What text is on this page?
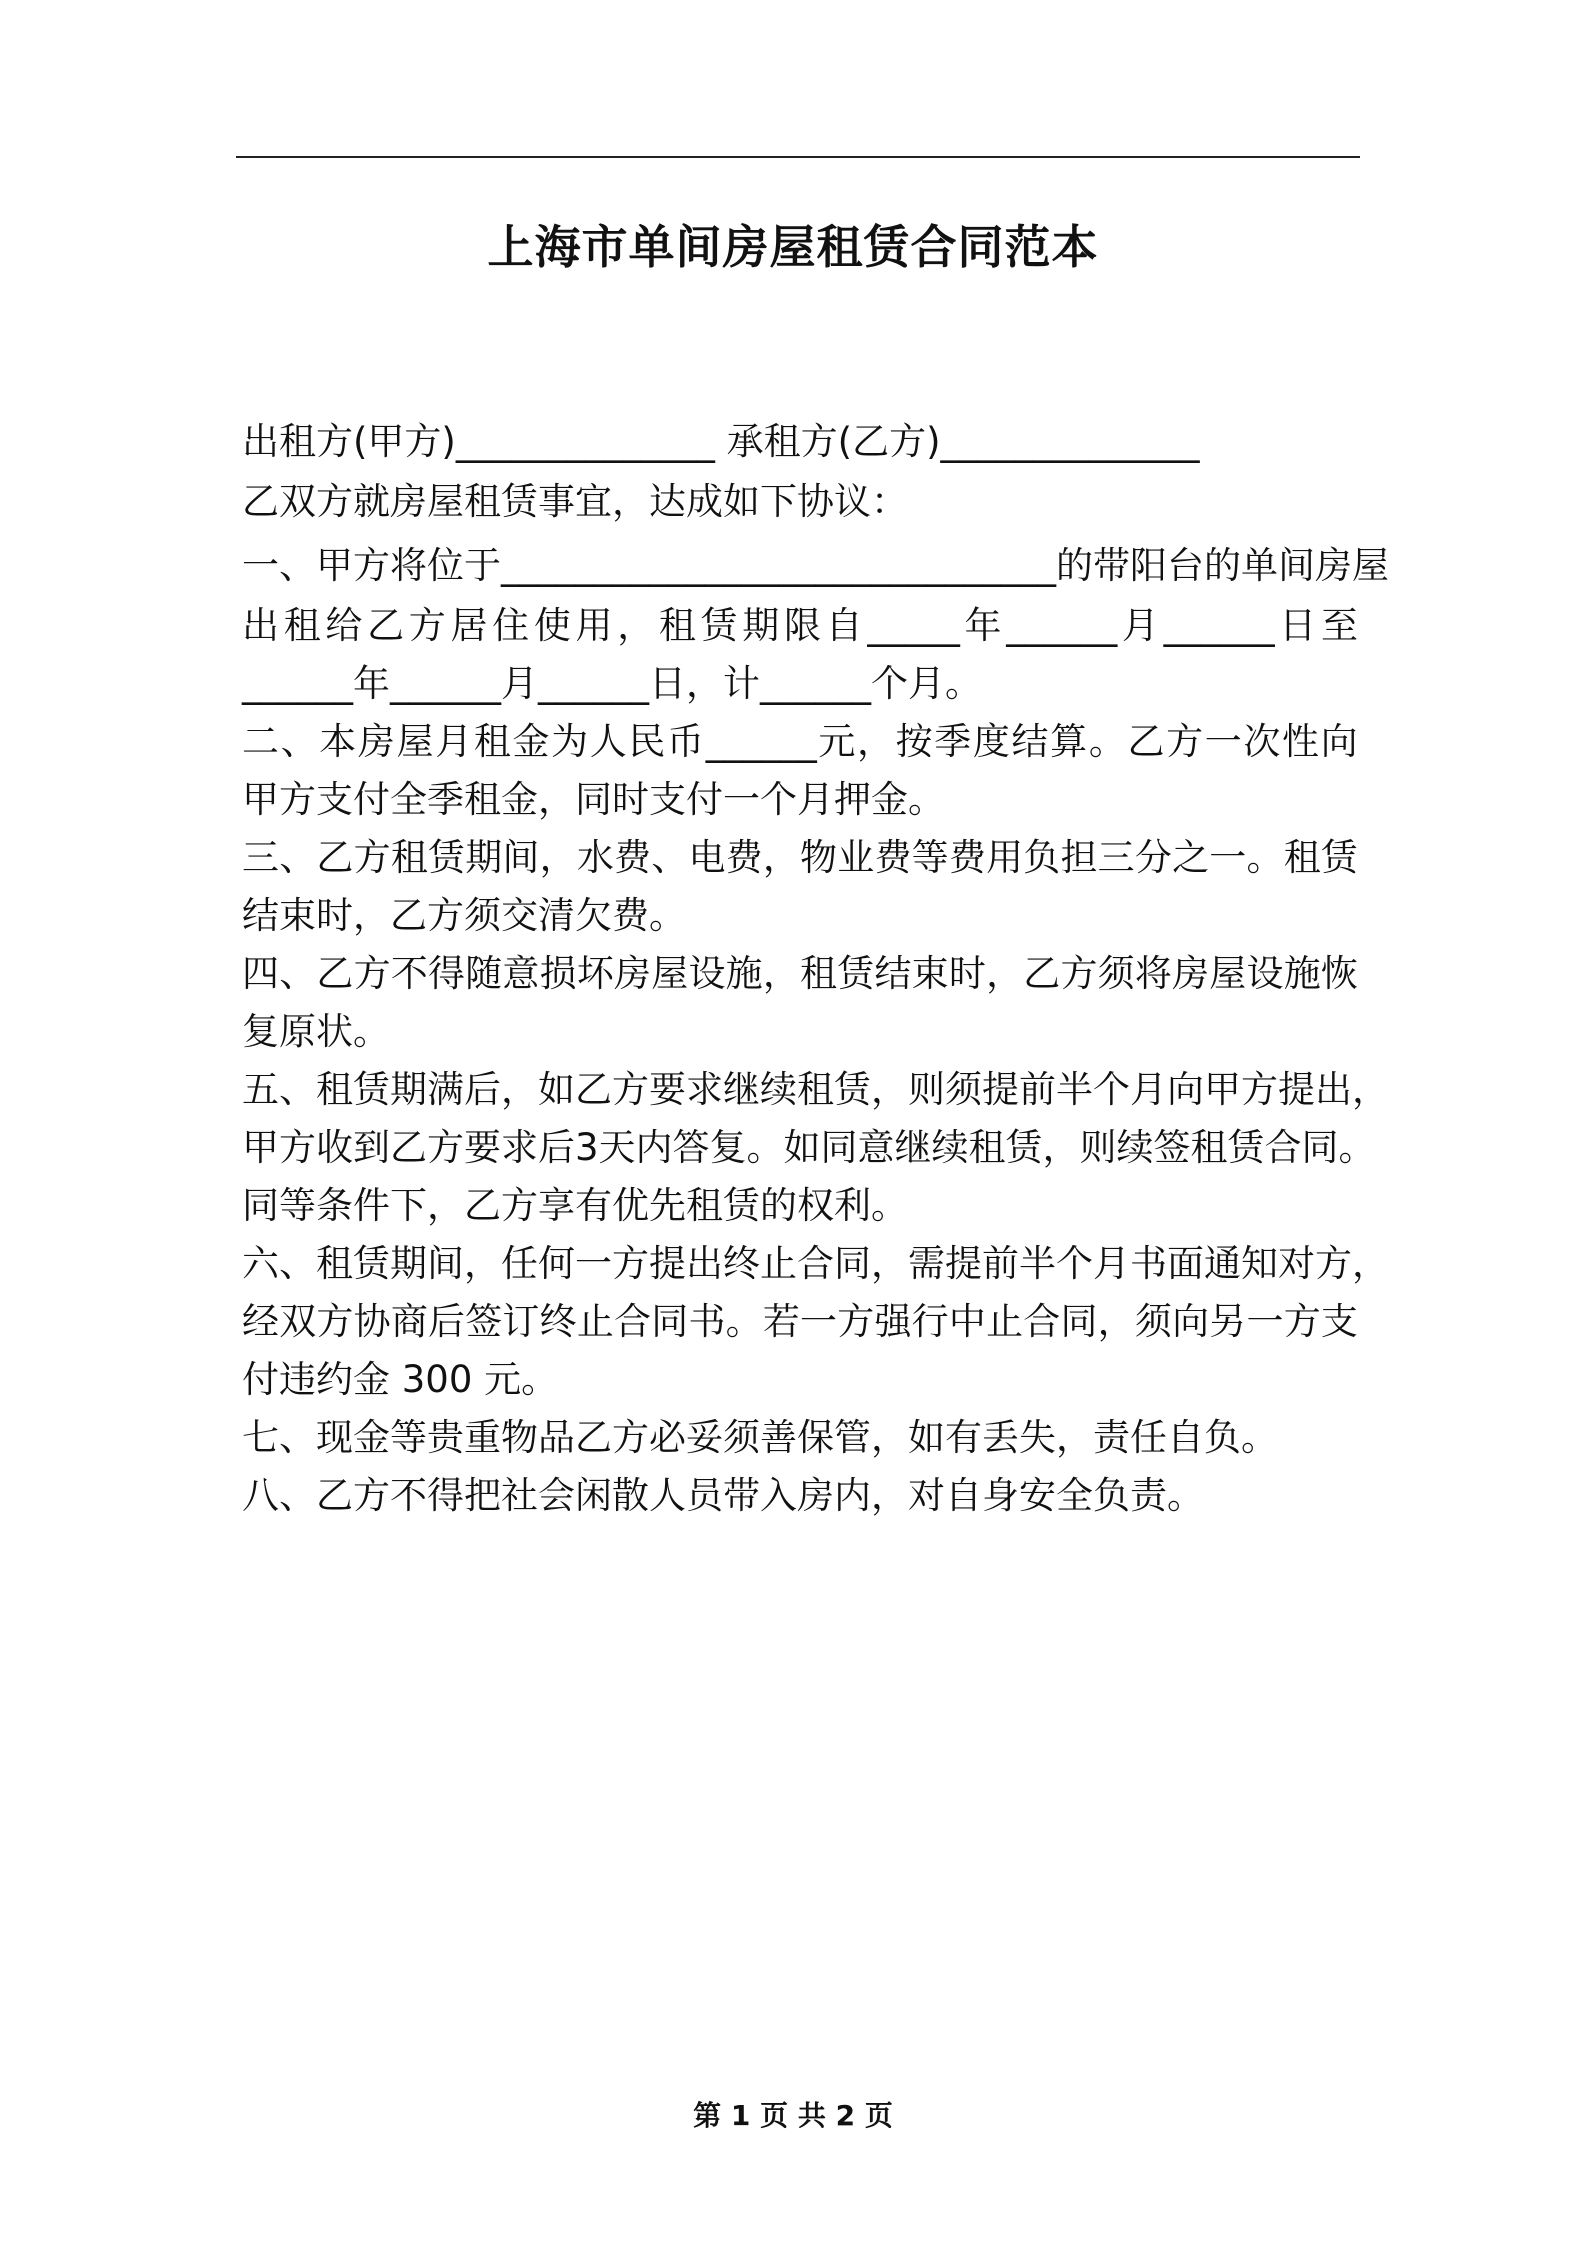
上海市单间房屋租赁合同范本
出租方(甲方)______________ 承租方(乙方)______________
乙双方就房屋租赁事宜，达成如下协议：
一 、 甲 方 将 位 于 ______________________________ 的 带 阳 台 的 单 间 房 屋
出 租 给 乙 方 居 住 使 用 ， 租 赁 期 限 自 _____ 年 ______ 月 ______ 日 至
______年______月______日，计______个月。
二 、 本 房 屋 月 租 金 为 人 民 币 ______ 元 ， 按 季 度 结 算 。 乙 方 一 次 性 向
甲方支付全季租金，同时支付一个月押金。
三 、 乙 方 租 赁 期 间 ， 水 费 、 电 费 ， 物 业 费 等 费 用 负 担 三 分 之 一 。 租 赁
结束时，乙方须交清欠费。
四 、 乙 方 不 得 随 意 损 坏 房 屋 设 施 ， 租 赁 结 束 时 ， 乙 方 须 将 房 屋 设 施 恢
复原状。
五 、 租 赁 期 满 后 ， 如 乙 方 要 求 继 续 租 赁 ， 则 须 提 前 半 个 月 向 甲 方 提 出 ，
甲 方 收 到 乙 方 要 求 后 3 天 内 答 复 。 如 同 意 继 续 租 赁 ， 则 续 签 租 赁 合 同 。
同等条件下，乙方享有优先租赁的权利。
六 、 租 赁 期 间 ， 任 何 一 方 提 出 终 止 合 同 ， 需 提 前 半 个 月 书 面 通 知 对 方 ，
经 双 方 协 商 后 签 订 终 止 合 同 书 。 若 一 方 强 行 中 止 合 同 ， 须 向 另 一 方 支
付违约金 300 元。
七、现金等贵重物品乙方必妥须善保管，如有丢失，责任自负。
八、乙方不得把社会闲散人员带入房内，对自身安全负责。
第 1 页 共 2 页
